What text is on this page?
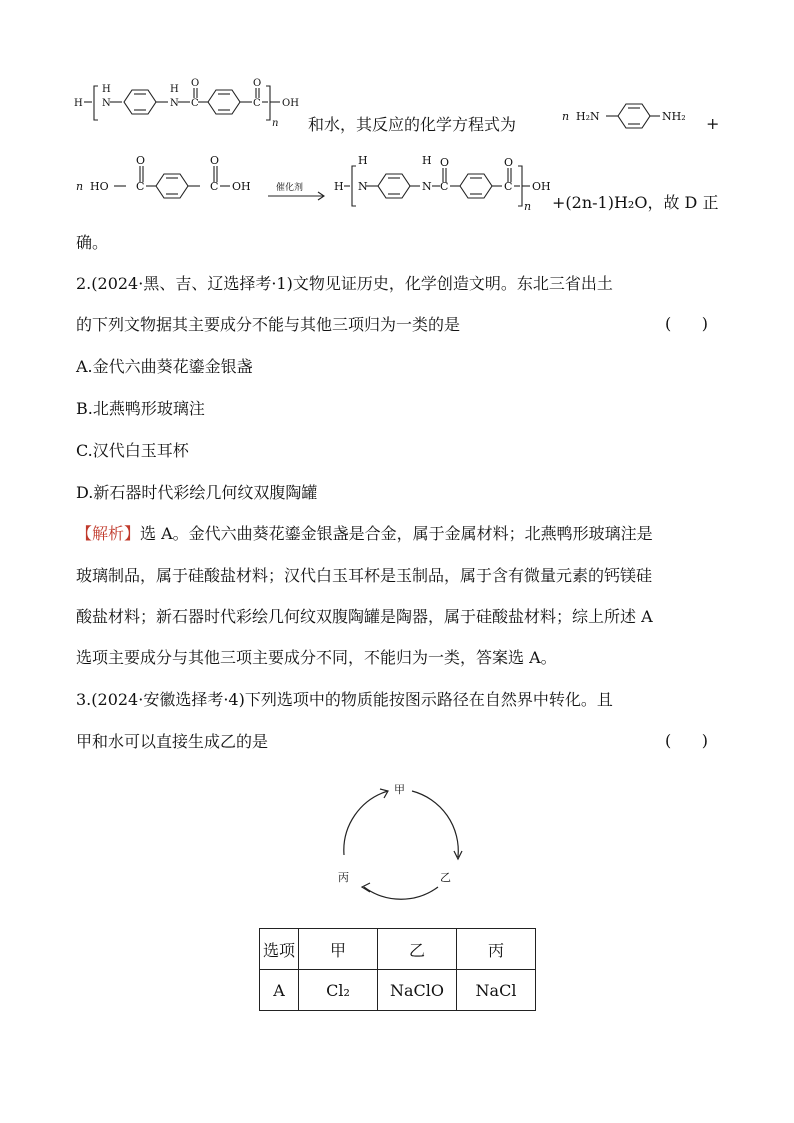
H N
H
N
H
C
O
C
O
OH
n 和水，其反应的化学方程式为	n H₂N	NH₂ +
n HO C
O
C
O
OH	催化剂	H N
H
N
H
C
O
C
O
OH
n +(2n-1)H₂O，故 D 正
确。
2.(2024·黑、吉、辽选择考·1)文物见证历史，化学创造文明。东北三省出土
的下列文物据其主要成分不能与其他三项归为一类的是	(      )
A.金代六曲葵花鎏金银盏
B.北燕鸭形玻璃注
C.汉代白玉耳杯
D.新石器时代彩绘几何纹双腹陶罐
【解析】选 A。金代六曲葵花鎏金银盏是合金，属于金属材料；北燕鸭形玻璃注是
玻璃制品，属于硅酸盐材料；汉代白玉耳杯是玉制品，属于含有微量元素的钙镁硅
酸盐材料；新石器时代彩绘几何纹双腹陶罐是陶器，属于硅酸盐材料；综上所述 A
选项主要成分与其他三项主要成分不同，不能归为一类，答案选 A。
3.(2024·安徽选择考·4)下列选项中的物质能按图示路径在自然界中转化。且
甲和水可以直接生成乙的是	(      )
甲
乙
丙
选项	甲	乙	丙
A	Cl₂	NaClO	NaCl
